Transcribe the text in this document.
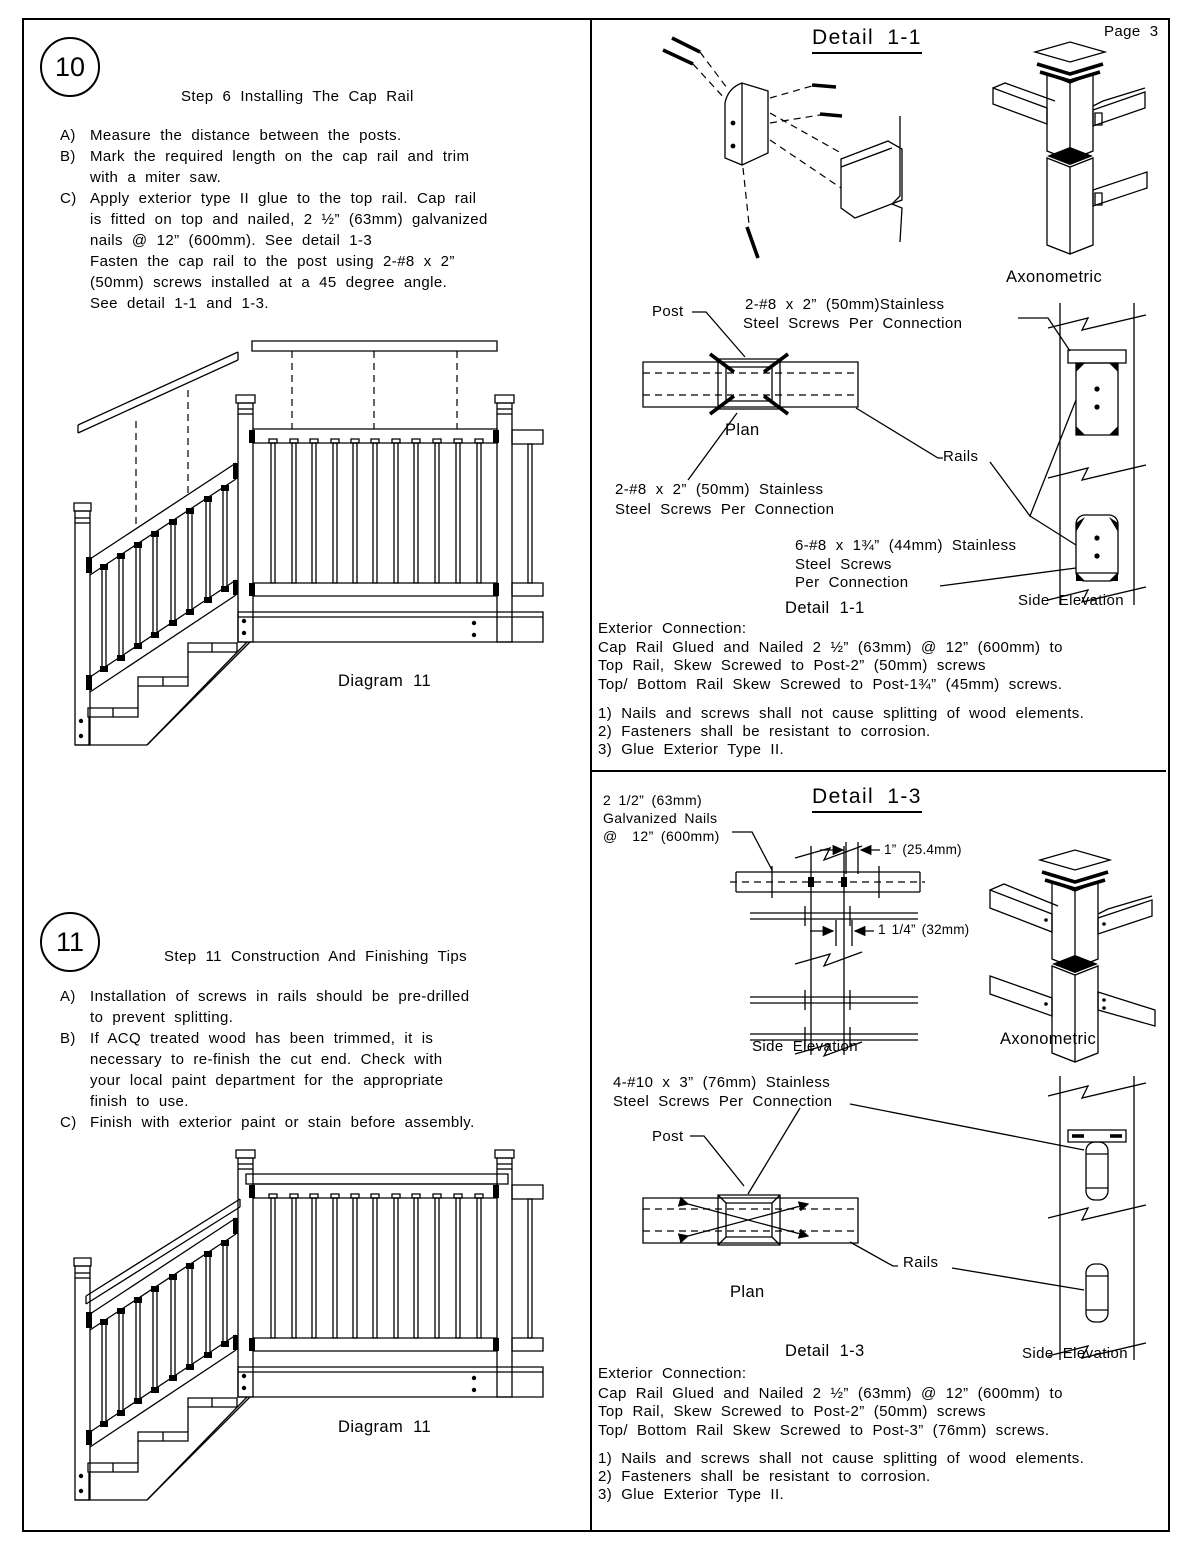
Page 3
10
Step 6 Installing The Cap Rail
A) Measure the distance between the posts.
B) Mark the required length on the cap rail and trim
with a miter saw.
C) Apply exterior type II glue to the top rail. Cap rail
is fitted on top and nailed, 2 ½” (63mm) galvanized
nails @ 12” (600mm). See detail 1-3
Fasten the cap rail to the post using 2-#8 x 2”
(50mm) screws installed at a 45 degree angle.
See detail 1-1 and 1-3.
Diagram 11
11	Step 11 Construction And Finishing Tips
A) Installation of screws in rails should be pre-drilled
to prevent splitting.
B) If ACQ treated wood has been trimmed, it is
necessary to re-finish the cut end. Check with
your local paint department for the appropriate
finish to use.
C) Finish with exterior paint or stain before assembly.
Diagram 11
Detail 1-1
Axonometric
Post	2-#8 x 2” (50mm)Stainless
Steel Screws Per Connection
Plan
2-#8 x 2” (50mm) Stainless
Steel Screws Per Connection
Rails
6-#8 x 1¾” (44mm) Stainless
Steel Screws
Per Connection
Side Elevation
Detail 1-1
Exterior Connection:
Cap Rail Glued and Nailed 2 ½” (63mm) @ 12” (600mm) to
Top Rail, Skew Screwed to Post-2” (50mm) screws
Top/ Bottom Rail Skew Screwed to Post-1¾” (45mm) screws.
1) Nails and screws shall not cause splitting of wood elements.
2) Fasteners shall be resistant to corrosion.
3) Glue Exterior Type II.
Detail 1-3
2 1/2” (63mm)
Galvanized Nails
@  12” (600mm)
1” (25.4mm)
1 1/4” (32mm)
Side Elevation	Axonometric
4-#10 x 3” (76mm) Stainless
Steel Screws Per Connection
Post
Plan
Rails
Side Elevation
Detail 1-3
Exterior Connection:
Cap Rail Glued and Nailed 2 ½” (63mm) @ 12” (600mm) to
Top Rail, Skew Screwed to Post-2” (50mm) screws
Top/ Bottom Rail Skew Screwed to Post-3” (76mm) screws.
1) Nails and screws shall not cause splitting of wood elements.
2) Fasteners shall be resistant to corrosion.
3) Glue Exterior Type II.
